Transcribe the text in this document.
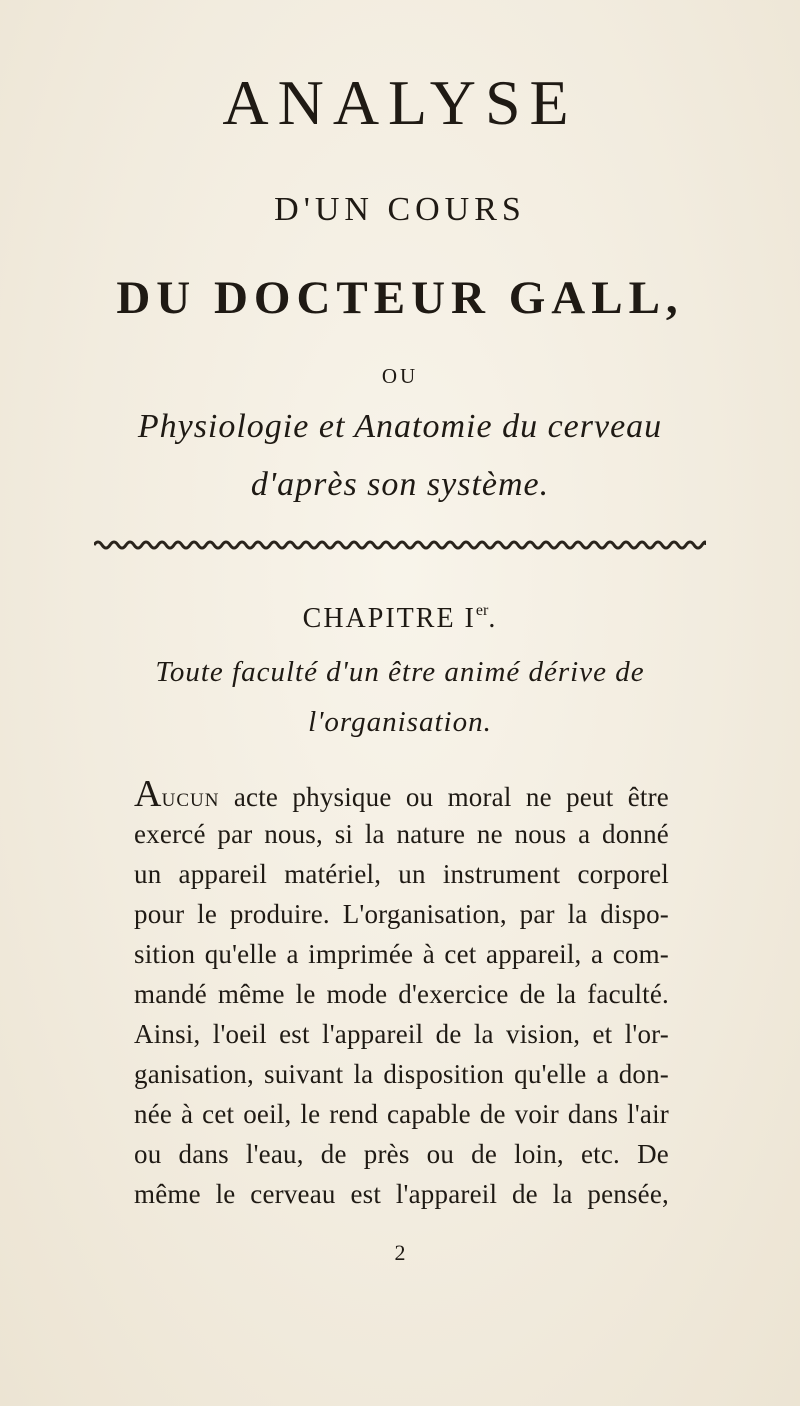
ANALYSE
D'UN COURS
DU DOCTEUR GALL,
OU
Physiologie et Anatomie du cerveau
d'après son système.
CHAPITRE Ier.
Toute faculté d'un être animé dérive de
l'organisation.
Aucun acte physique ou moral ne peut être
exercé par nous, si la nature ne nous a donné
un appareil matériel, un instrument corporel
pour le produire. L'organisation, par la dispo-
sition qu'elle a imprimée à cet appareil, a com-
mandé même le mode d'exercice de la faculté.
Ainsi, l'oeil est l'appareil de la vision, et l'or-
ganisation, suivant la disposition qu'elle a don-
née à cet oeil, le rend capable de voir dans l'air
ou dans l'eau, de près ou de loin, etc. De
même le cerveau est l'appareil de la pensée,
2
